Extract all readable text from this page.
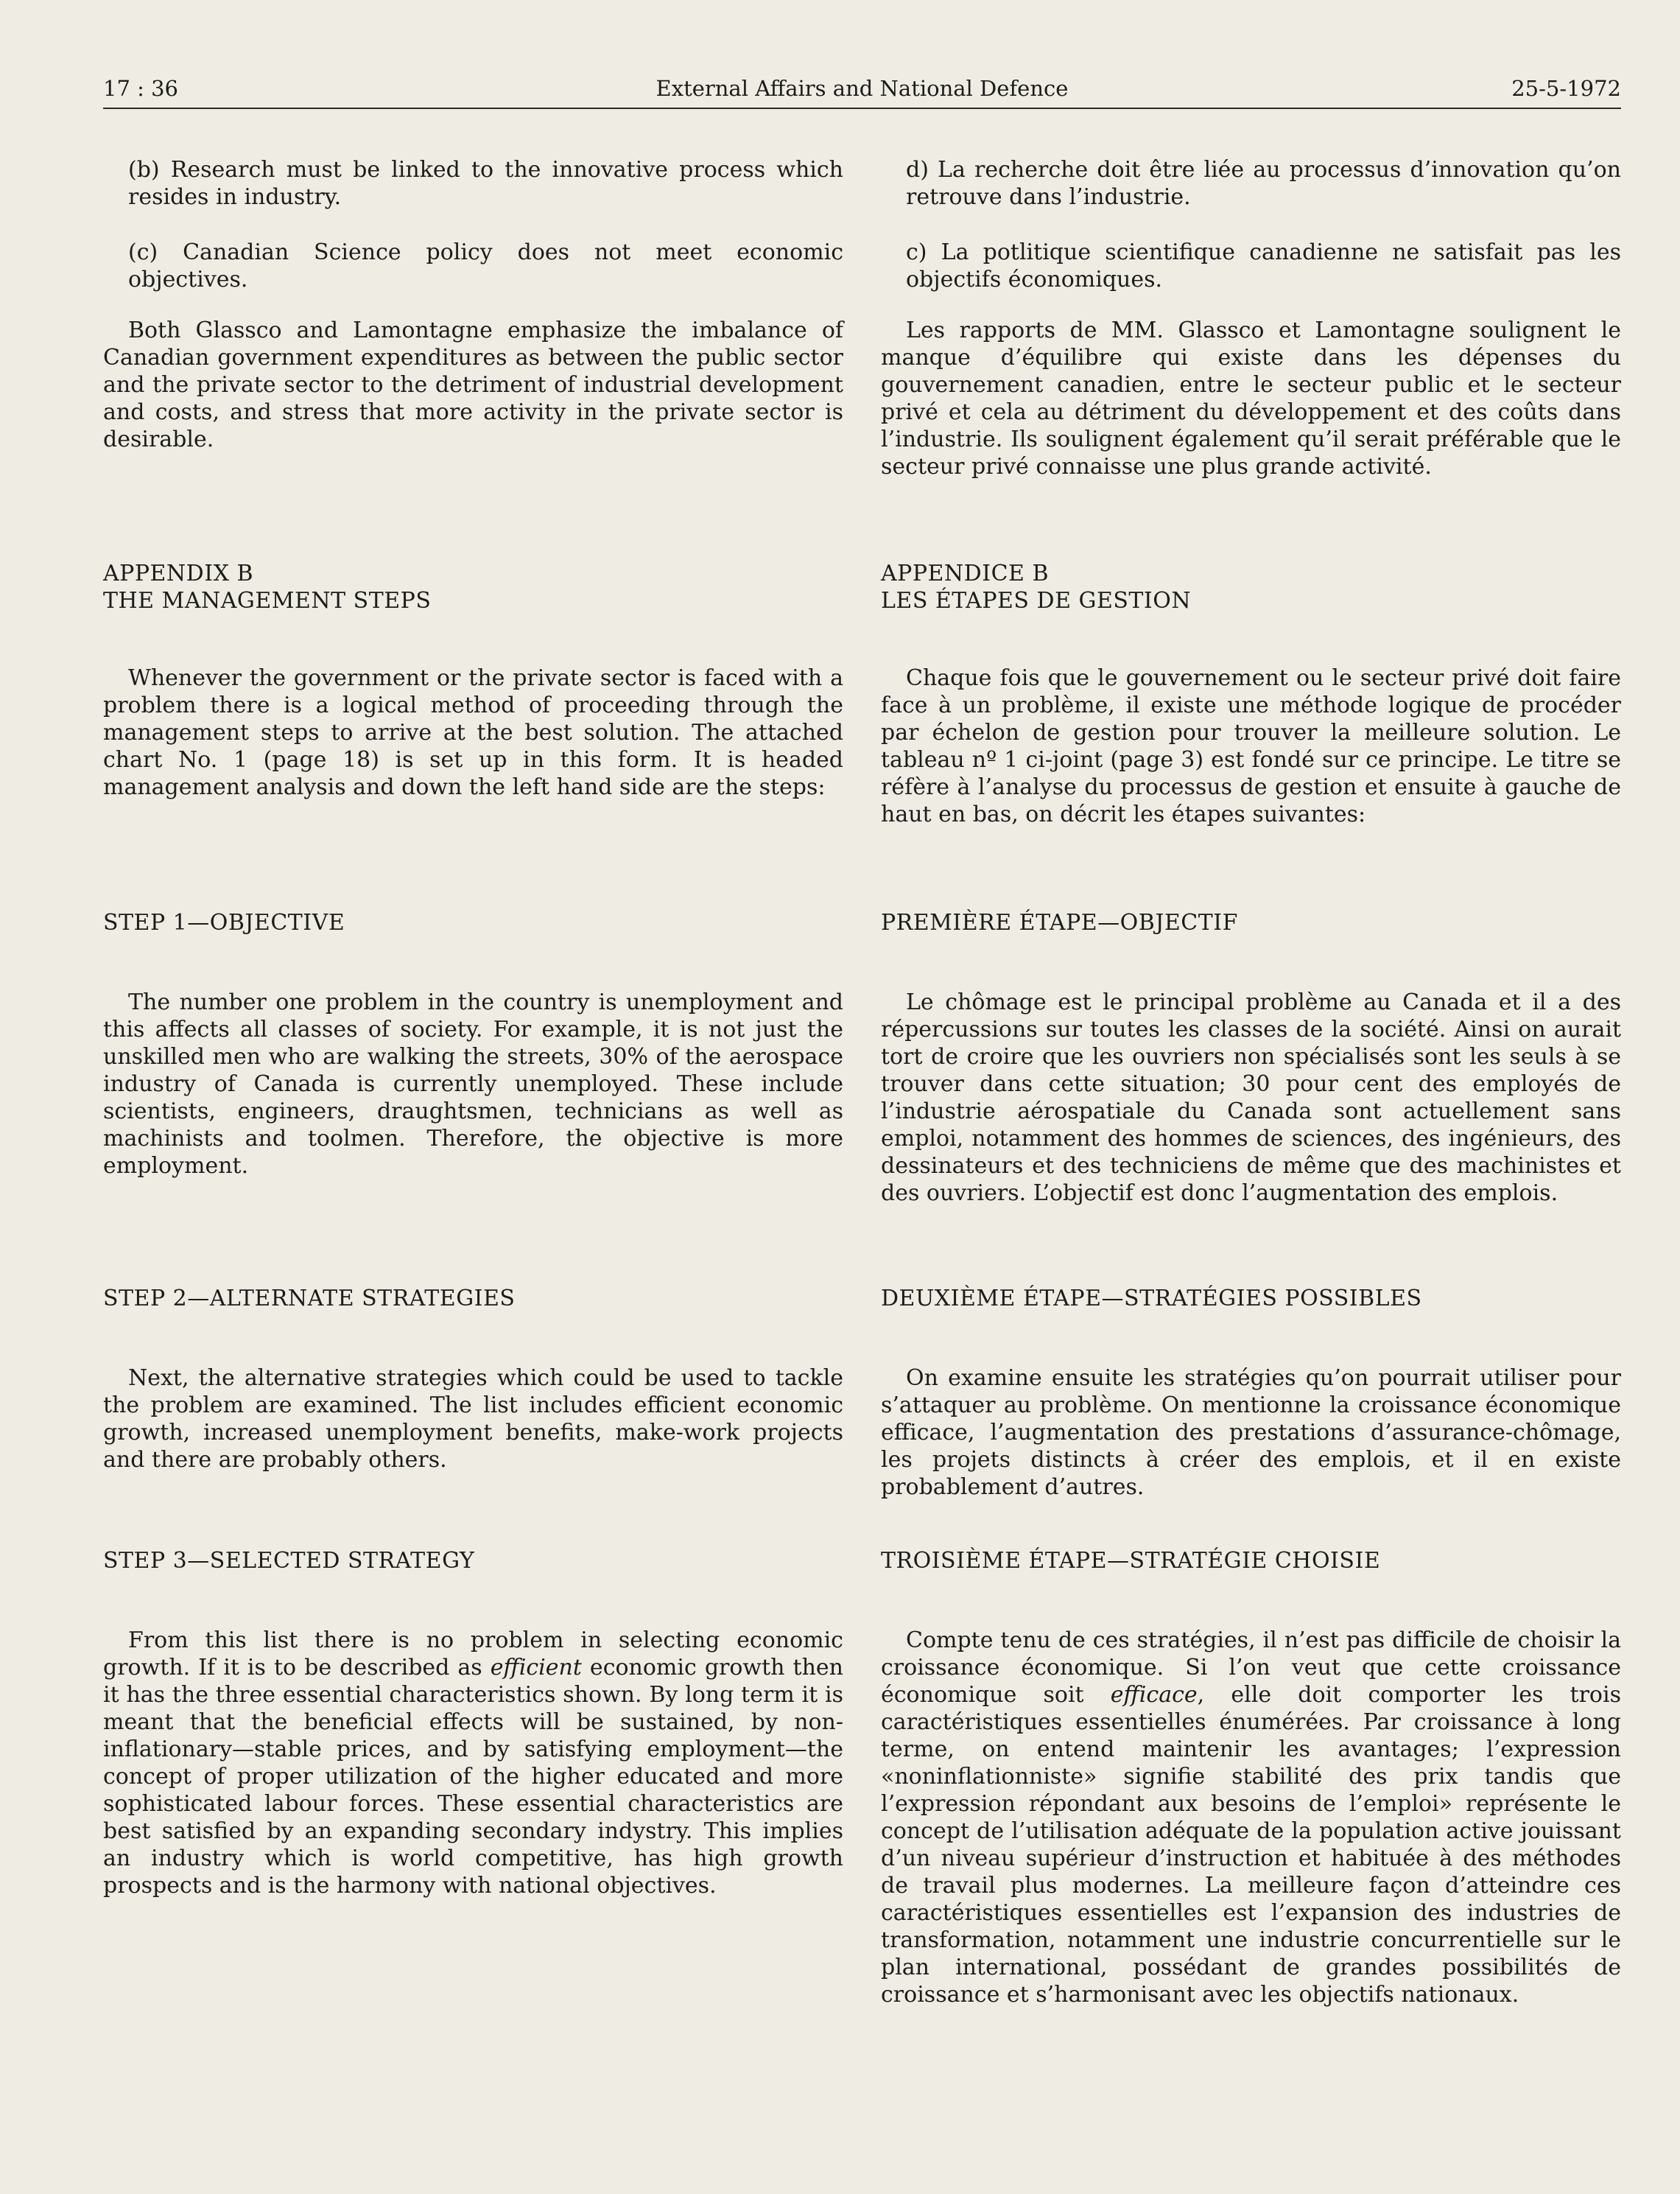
17 : 36	External Affairs and National Defence	25-5-1972

(b) Research must be linked to the innovative process which resides in industry.

(c) Canadian Science policy does not meet economic objectives.

Both Glassco and Lamontagne emphasize the imbalance of Canadian government expenditures as between the public sector and the private sector to the detriment of industrial development and costs, and stress that more activity in the private sector is desirable.

APPENDIX B

THE MANAGEMENT STEPS

Whenever the government or the private sector is faced with a problem there is a logical method of proceeding through the management steps to arrive at the best solution. The attached chart No. 1 (page 18) is set up in this form. It is headed management analysis and down the left hand side are the steps:

STEP 1—OBJECTIVE

The number one problem in the country is unemployment and this affects all classes of society. For example, it is not just the unskilled men who are walking the streets, 30% of the aerospace industry of Canada is currently unemployed. These include scientists, engineers, draughtsmen, technicians as well as machinists and toolmen. Therefore, the objective is more employment.

STEP 2—ALTERNATE STRATEGIES

Next, the alternative strategies which could be used to tackle the problem are examined. The list includes efficient economic growth, increased unemployment benefits, make-work projects and there are probably others.

STEP 3—SELECTED STRATEGY

From this list there is no problem in selecting economic growth. If it is to be described as efficient economic growth then it has the three essential characteristics shown. By long term it is meant that the beneficial effects will be sustained, by non-inflationary—stable prices, and by satisfying employment—the concept of proper utilization of the higher educated and more sophisticated labour forces. These essential characteristics are best satisfied by an expanding secondary indystry. This implies an industry which is world competitive, has high growth prospects and is the harmony with national objectives.

d) La recherche doit être liée au processus d’innovation qu’on retrouve dans l’industrie.

c) La potlitique scientifique canadienne ne satisfait pas les objectifs économiques.

Les rapports de MM. Glassco et Lamontagne soulignent le manque d’équilibre qui existe dans les dépenses du gouvernement canadien, entre le secteur public et le secteur privé et cela au détriment du développement et des coûts dans l’industrie. Ils soulignent également qu’il serait préférable que le secteur privé connaisse une plus grande activité.

APPENDICE B

LES ÉTAPES DE GESTION

Chaque fois que le gouvernement ou le secteur privé doit faire face à un problème, il existe une méthode logique de procéder par échelon de gestion pour trouver la meilleure solution. Le tableau nº 1 ci-joint (page 3) est fondé sur ce principe. Le titre se réfère à l’analyse du processus de gestion et ensuite à gauche de haut en bas, on décrit les étapes suivantes:

PREMIÈRE ÉTAPE—OBJECTIF

Le chômage est le principal problème au Canada et il a des répercussions sur toutes les classes de la société. Ainsi on aurait tort de croire que les ouvriers non spécialisés sont les seuls à se trouver dans cette situation; 30 pour cent des employés de l’industrie aérospatiale du Canada sont actuellement sans emploi, notamment des hommes de sciences, des ingénieurs, des dessinateurs et des techniciens de même que des machinistes et des ouvriers. L’objectif est donc l’augmentation des emplois.

DEUXIÈME ÉTAPE—STRATÉGIES POSSIBLES

On examine ensuite les stratégies qu’on pourrait utiliser pour s’attaquer au problème. On mentionne la croissance économique efficace, l’augmentation des prestations d’assurance-chômage, les projets distincts à créer des emplois, et il en existe probablement d’autres.

TROISIÈME ÉTAPE—STRATÉGIE CHOISIE

Compte tenu de ces stratégies, il n’est pas difficile de choisir la croissance économique. Si l’on veut que cette croissance économique soit efficace, elle doit comporter les trois caractéristiques essentielles énumérées. Par croissance à long terme, on entend maintenir les avantages; l’expression «noninflationniste» signifie stabilité des prix tandis que l’expression répondant aux besoins de l’emploi» représente le concept de l’utilisation adéquate de la population active jouissant d’un niveau supérieur d’instruction et habituée à des méthodes de travail plus modernes. La meilleure façon d’atteindre ces caractéristiques essentielles est l’expansion des industries de transformation, notamment une industrie concurrentielle sur le plan international, possédant de grandes possibilités de croissance et s’harmonisant avec les objectifs nationaux.
